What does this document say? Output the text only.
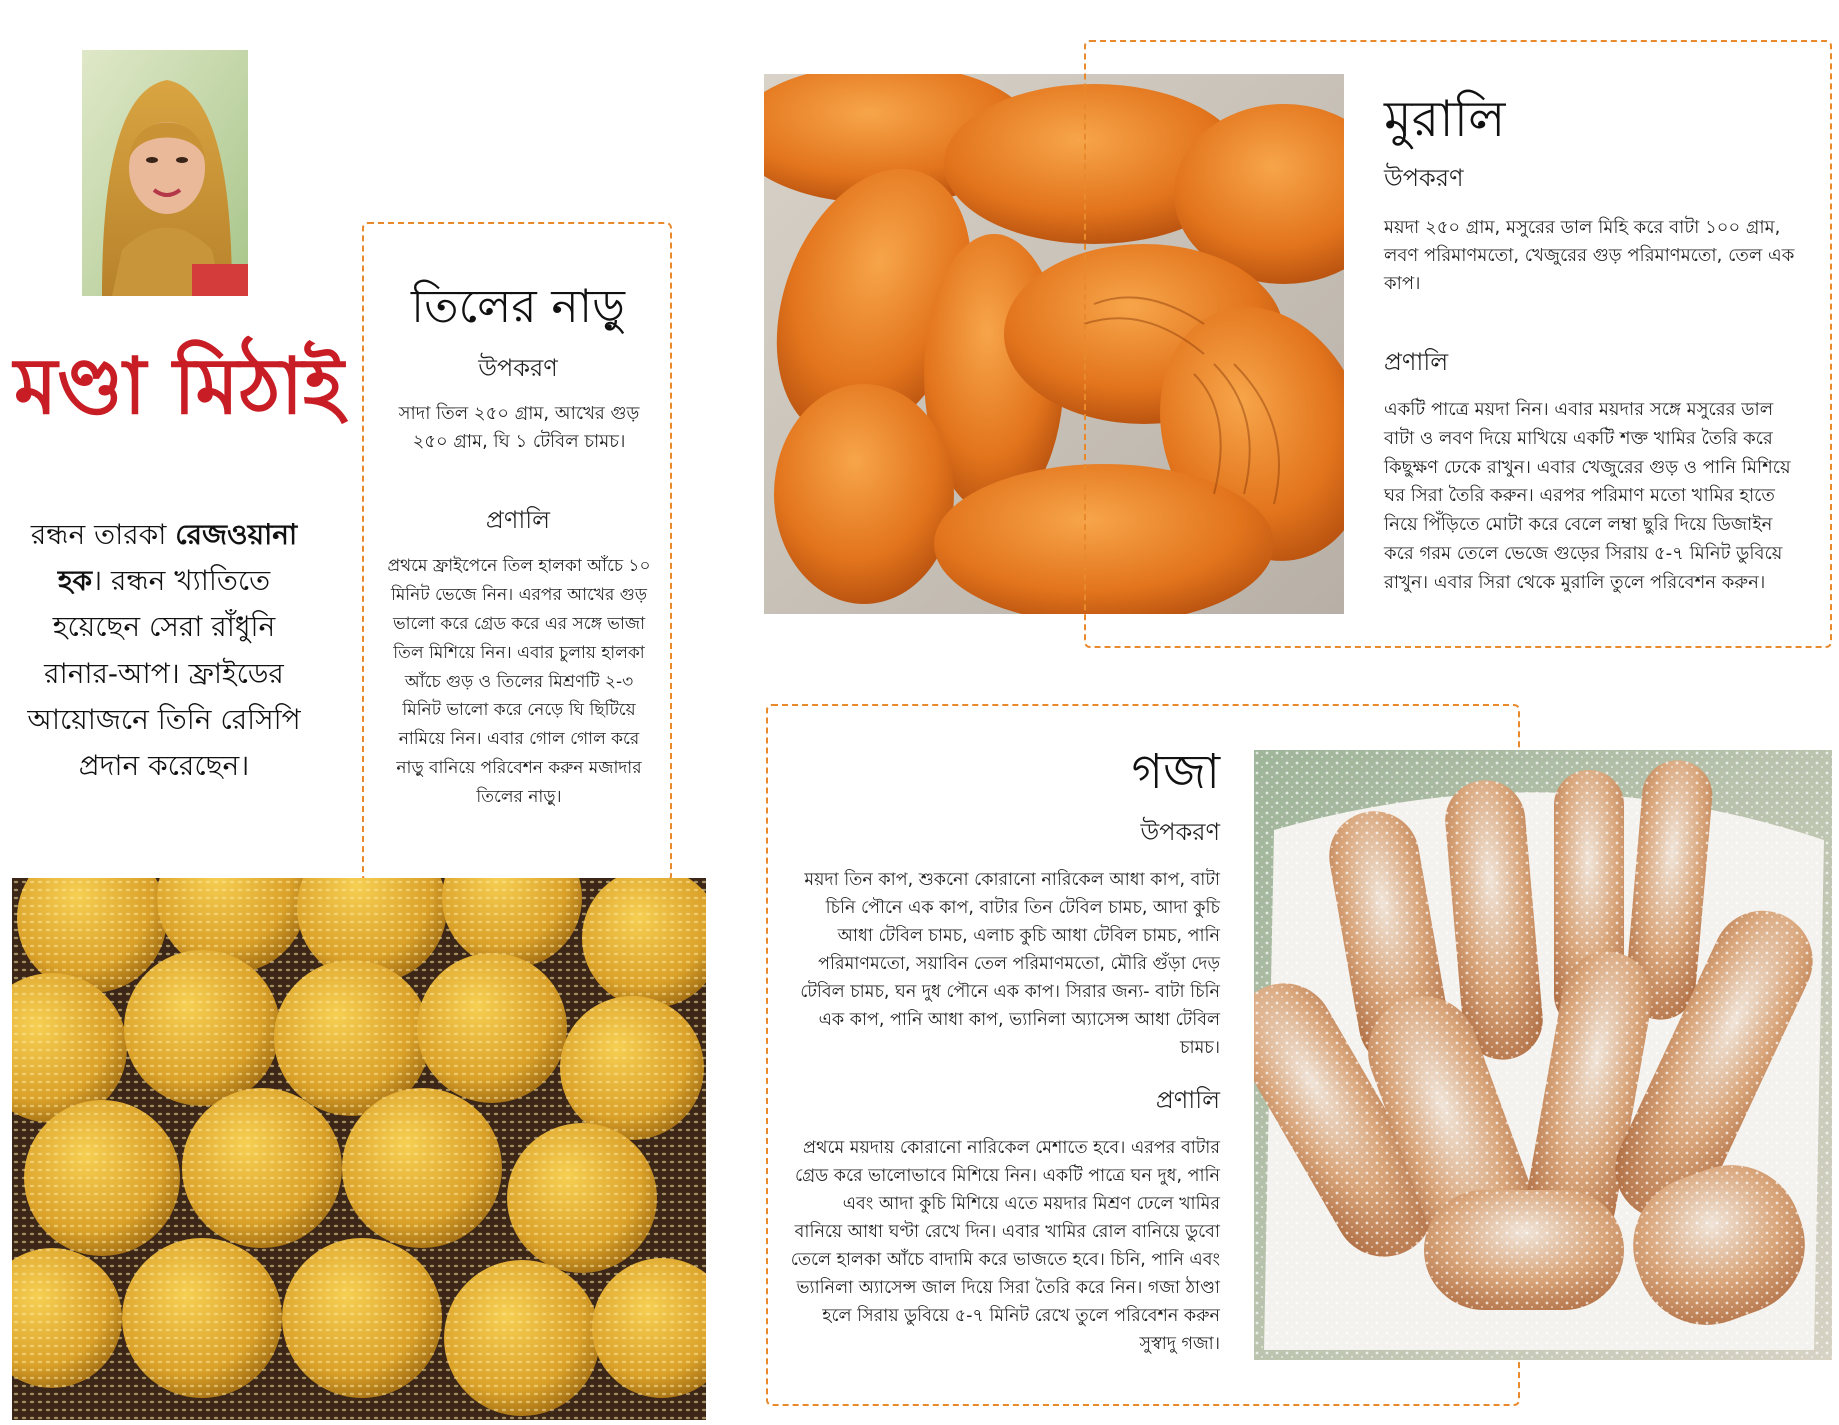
মণ্ডা মিঠাই
রন্ধন তারকা রেজওয়ানা হক। রন্ধন খ্যাতিতে হয়েছেন সেরা রাঁধুনি রানার-আপ। ফ্রাইডের আয়োজনে তিনি রেসিপি প্রদান করেছেন।
তিলের নাড়ু
উপকরণ
সাদা তিল ২৫০ গ্রাম, আখের গুড় ২৫০ গ্রাম, ঘি ১ টেবিল চামচ।
প্রণালি
প্রথমে ফ্রাইপেনে তিল হালকা আঁচে ১০ মিনিট ভেজে নিন। এরপর আখের গুড় ভালো করে গ্রেড করে এর সঙ্গে ভাজা তিল মিশিয়ে নিন। এবার চুলায় হালকা আঁচে গুড় ও তিলের মিশ্রণটি ২-৩ মিনিট ভালো করে নেড়ে ঘি ছিটিয়ে নামিয়ে নিন। এবার গোল গোল করে নাড়ু বানিয়ে পরিবেশন করুন মজাদার তিলের নাড়ু।
মুরালি
উপকরণ
ময়দা ২৫০ গ্রাম, মসুরের ডাল মিহি করে বাটা ১০০ গ্রাম, লবণ পরিমাণমতো, খেজুরের গুড় পরিমাণমতো, তেল এক কাপ।
প্রণালি
একটি পাত্রে ময়দা নিন। এবার ময়দার সঙ্গে মসুরের ডাল বাটা ও লবণ দিয়ে মাখিয়ে একটি শক্ত খামির তৈরি করে কিছুক্ষণ ঢেকে রাখুন। এবার খেজুরের গুড় ও পানি মিশিয়ে ঘর সিরা তৈরি করুন। এরপর পরিমাণ মতো খামির হাতে নিয়ে পিঁড়িতে মোটা করে বেলে লম্বা ছুরি দিয়ে ডিজাইন করে গরম তেলে ভেজে গুড়ের সিরায় ৫-৭ মিনিট ডুবিয়ে রাখুন। এবার সিরা থেকে মুরালি তুলে পরিবেশন করুন।
গজা
উপকরণ
ময়দা তিন কাপ, শুকনো কোরানো নারিকেল আধা কাপ, বাটা চিনি পৌনে এক কাপ, বাটার তিন টেবিল চামচ, আদা কুচি আধা টেবিল চামচ, এলাচ কুচি আধা টেবিল চামচ, পানি পরিমাণমতো, সয়াবিন তেল পরিমাণমতো, মৌরি গুঁড়া দেড় টেবিল চামচ, ঘন দুধ পৌনে এক কাপ। সিরার জন্য- বাটা চিনি এক কাপ, পানি আধা কাপ, ভ্যানিলা অ্যাসেন্স আধা টেবিল চামচ।
প্রণালি
প্রথমে ময়দায় কোরানো নারিকেল মেশাতে হবে। এরপর বাটার গ্রেড করে ভালোভাবে মিশিয়ে নিন। একটি পাত্রে ঘন দুধ, পানি এবং আদা কুচি মিশিয়ে এতে ময়দার মিশ্রণ ঢেলে খামির বানিয়ে আধা ঘণ্টা রেখে দিন। এবার খামির রোল বানিয়ে ডুবো তেলে হালকা আঁচে বাদামি করে ভাজতে হবে। চিনি, পানি এবং ভ্যানিলা অ্যাসেন্স জাল দিয়ে সিরা তৈরি করে নিন। গজা ঠাণ্ডা হলে সিরায় ডুবিয়ে ৫-৭ মিনিট রেখে তুলে পরিবেশন করুন সুস্বাদু গজা।
